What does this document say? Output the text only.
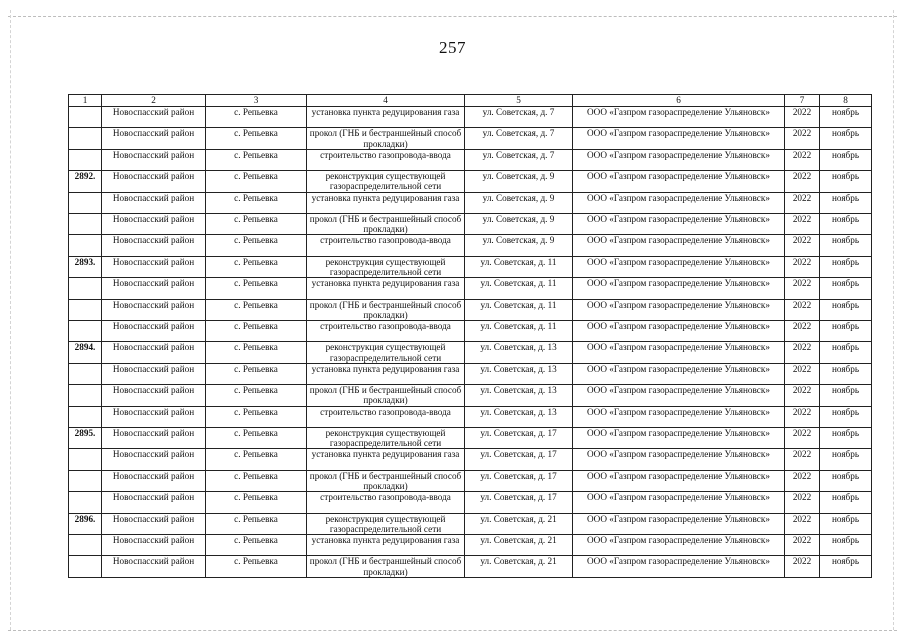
257
1	2	3	4	5	6	7	8
	Новоспасский район	с. Репьевка	установка пункта редуцирования газа	ул. Советская, д. 7	ООО «Газпром газораспределение Ульяновск»	2022	ноябрь
	Новоспасский район	с. Репьевка	прокол (ГНБ и бестраншейный способ прокладки)	ул. Советская, д. 7	ООО «Газпром газораспределение Ульяновск»	2022	ноябрь
	Новоспасский район	с. Репьевка	строительство газопровода-ввода	ул. Советская, д. 7	ООО «Газпром газораспределение Ульяновск»	2022	ноябрь
2892.	Новоспасский район	с. Репьевка	реконструкция существующей газораспределительной сети	ул. Советская, д. 9	ООО «Газпром газораспределение Ульяновск»	2022	ноябрь
	Новоспасский район	с. Репьевка	установка пункта редуцирования газа	ул. Советская, д. 9	ООО «Газпром газораспределение Ульяновск»	2022	ноябрь
	Новоспасский район	с. Репьевка	прокол (ГНБ и бестраншейный способ прокладки)	ул. Советская, д. 9	ООО «Газпром газораспределение Ульяновск»	2022	ноябрь
	Новоспасский район	с. Репьевка	строительство газопровода-ввода	ул. Советская, д. 9	ООО «Газпром газораспределение Ульяновск»	2022	ноябрь
2893.	Новоспасский район	с. Репьевка	реконструкция существующей газораспределительной сети	ул. Советская, д. 11	ООО «Газпром газораспределение Ульяновск»	2022	ноябрь
	Новоспасский район	с. Репьевка	установка пункта редуцирования газа	ул. Советская, д. 11	ООО «Газпром газораспределение Ульяновск»	2022	ноябрь
	Новоспасский район	с. Репьевка	прокол (ГНБ и бестраншейный способ прокладки)	ул. Советская, д. 11	ООО «Газпром газораспределение Ульяновск»	2022	ноябрь
	Новоспасский район	с. Репьевка	строительство газопровода-ввода	ул. Советская, д. 11	ООО «Газпром газораспределение Ульяновск»	2022	ноябрь
2894.	Новоспасский район	с. Репьевка	реконструкция существующей газораспределительной сети	ул. Советская, д. 13	ООО «Газпром газораспределение Ульяновск»	2022	ноябрь
	Новоспасский район	с. Репьевка	установка пункта редуцирования газа	ул. Советская, д. 13	ООО «Газпром газораспределение Ульяновск»	2022	ноябрь
	Новоспасский район	с. Репьевка	прокол (ГНБ и бестраншейный способ прокладки)	ул. Советская, д. 13	ООО «Газпром газораспределение Ульяновск»	2022	ноябрь
	Новоспасский район	с. Репьевка	строительство газопровода-ввода	ул. Советская, д. 13	ООО «Газпром газораспределение Ульяновск»	2022	ноябрь
2895.	Новоспасский район	с. Репьевка	реконструкция существующей газораспределительной сети	ул. Советская, д. 17	ООО «Газпром газораспределение Ульяновск»	2022	ноябрь
	Новоспасский район	с. Репьевка	установка пункта редуцирования газа	ул. Советская, д. 17	ООО «Газпром газораспределение Ульяновск»	2022	ноябрь
	Новоспасский район	с. Репьевка	прокол (ГНБ и бестраншейный способ прокладки)	ул. Советская, д. 17	ООО «Газпром газораспределение Ульяновск»	2022	ноябрь
	Новоспасский район	с. Репьевка	строительство газопровода-ввода	ул. Советская, д. 17	ООО «Газпром газораспределение Ульяновск»	2022	ноябрь
2896.	Новоспасский район	с. Репьевка	реконструкция существующей газораспределительной сети	ул. Советская, д. 21	ООО «Газпром газораспределение Ульяновск»	2022	ноябрь
	Новоспасский район	с. Репьевка	установка пункта редуцирования газа	ул. Советская, д. 21	ООО «Газпром газораспределение Ульяновск»	2022	ноябрь
	Новоспасский район	с. Репьевка	прокол (ГНБ и бестраншейный способ прокладки)	ул. Советская, д. 21	ООО «Газпром газораспределение Ульяновск»	2022	ноябрь
